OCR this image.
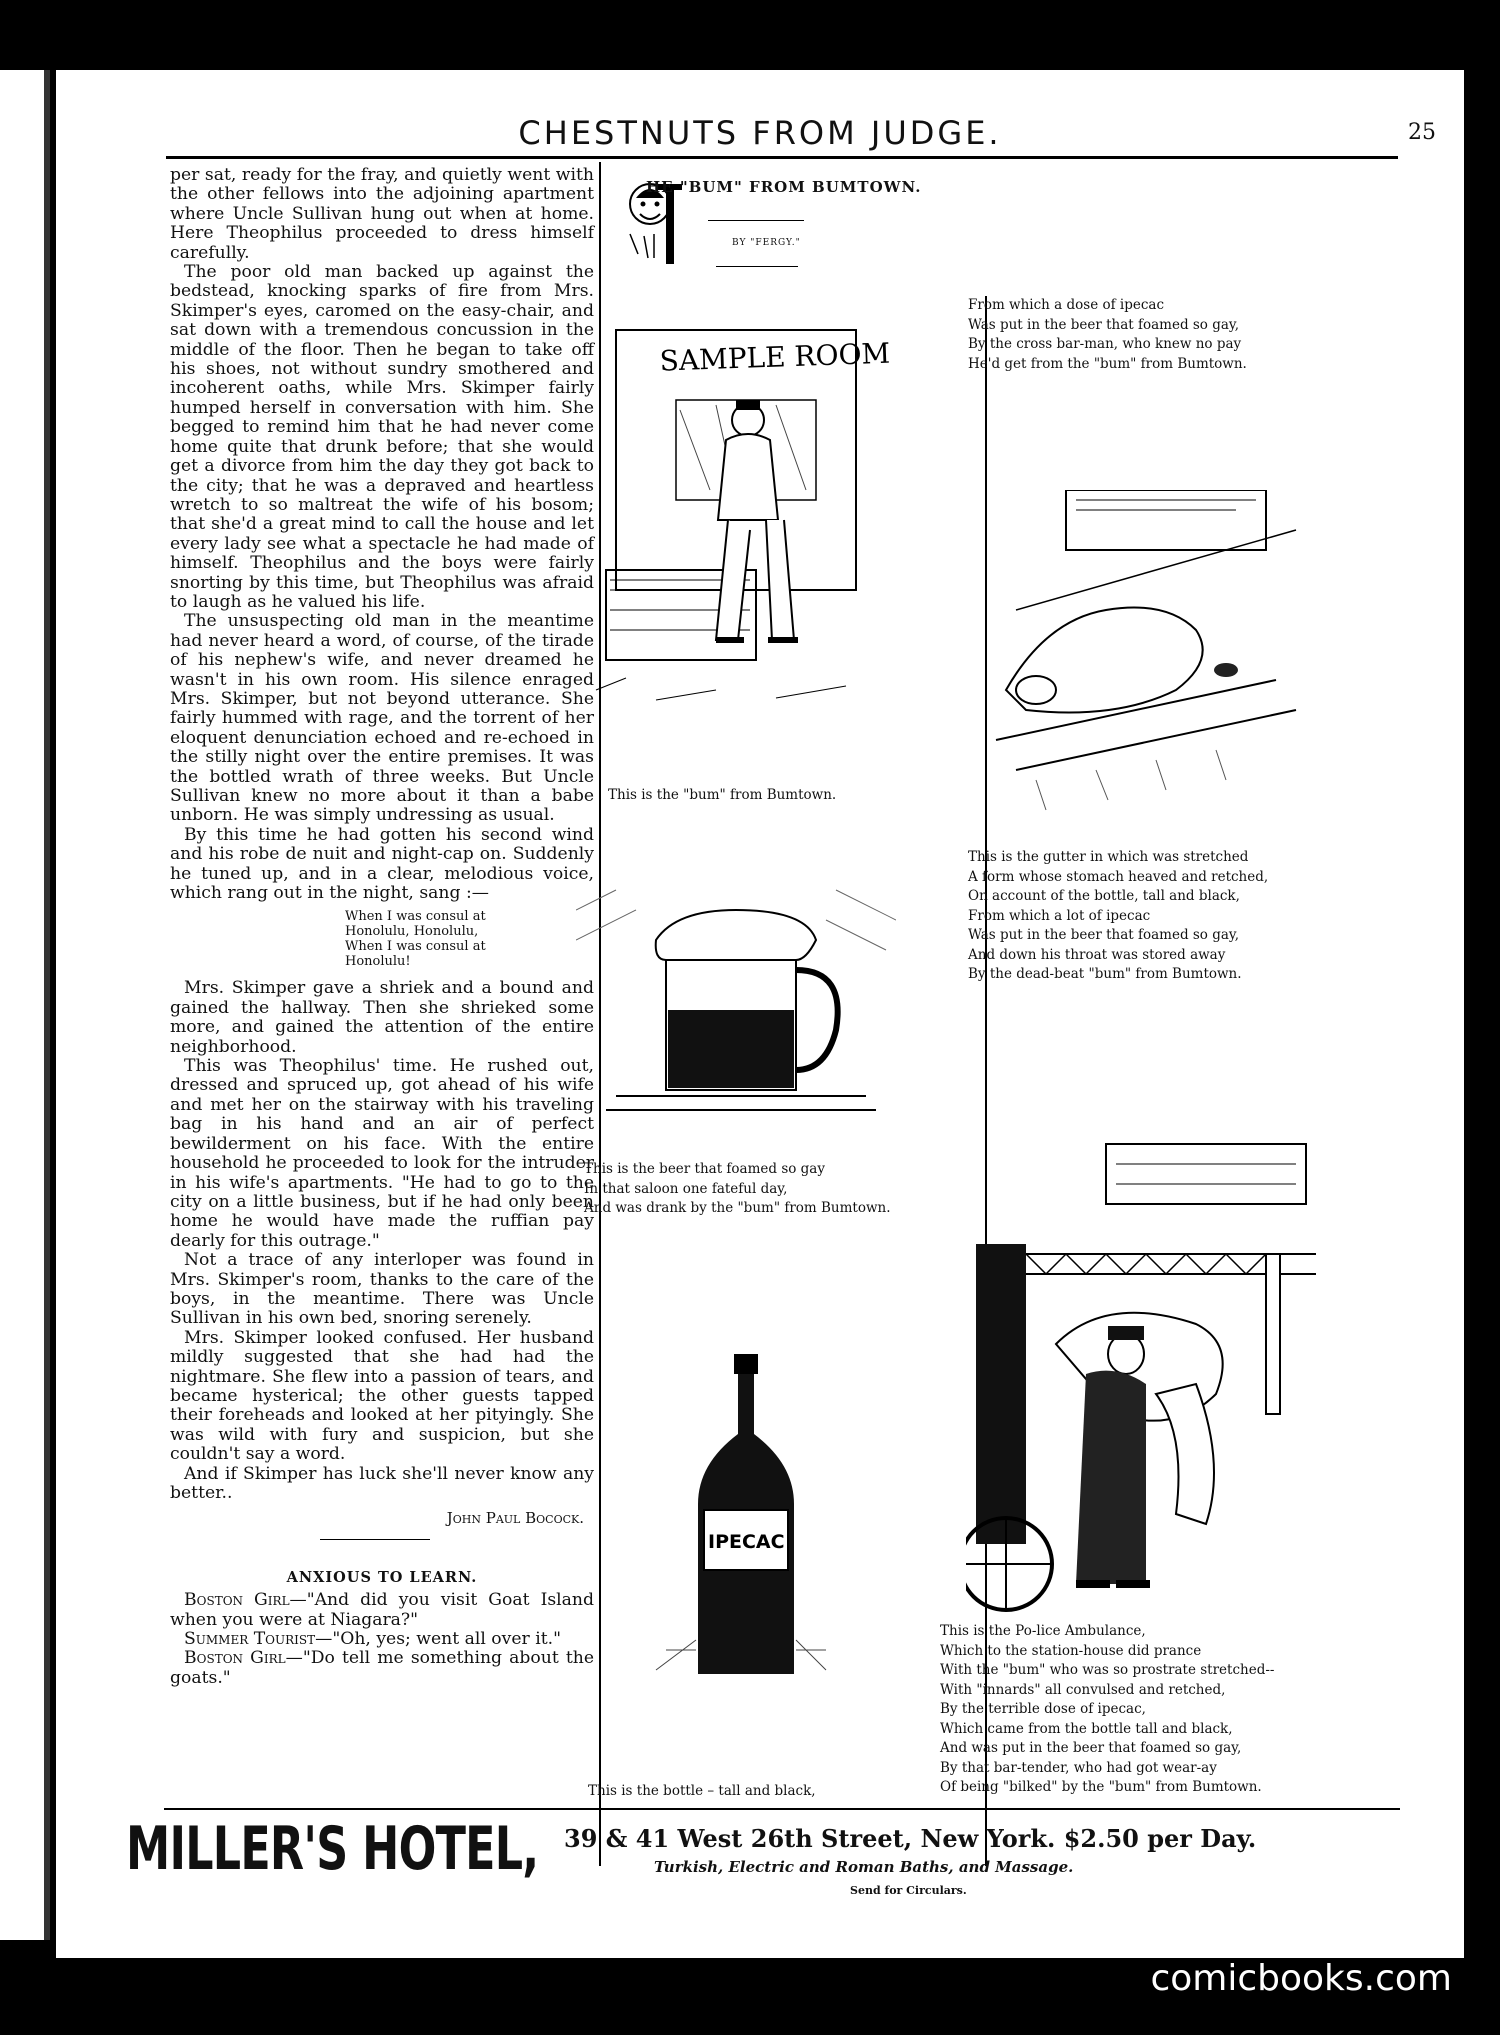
CHESTNUTS FROM JUDGE.	25

per sat, ready for the fray, and quietly went with the other fellows into the adjoining apartment where Uncle Sullivan hung out when at home. Here Theophilus proceeded to dress himself carefully.

The poor old man backed up against the bedstead, knocking sparks of fire from Mrs. Skimper's eyes, caromed on the easy-chair, and sat down with a tremendous concussion in the middle of the floor. Then he began to take off his shoes, not without sundry smothered and incoherent oaths, while Mrs. Skimper fairly humped herself in conversation with him. She begged to remind him that he had never come home quite that drunk before; that she would get a divorce from him the day they got back to the city; that he was a depraved and heartless wretch to so maltreat the wife of his bosom; that she'd a great mind to call the house and let every lady see what a spectacle he had made of himself. Theophilus and the boys were fairly snorting by this time, but Theophilus was afraid to laugh as he valued his life.

The unsuspecting old man in the meantime had never heard a word, of course, of the tirade of his nephew's wife, and never dreamed he wasn't in his own room. His silence enraged Mrs. Skimper, but not beyond utterance. She fairly hummed with rage, and the torrent of her eloquent denunciation echoed and re-echoed in the stilly night over the entire premises. It was the bottled wrath of three weeks. But Uncle Sullivan knew no more about it than a babe unborn. He was simply undressing as usual.

By this time he had gotten his second wind and his robe de nuit and night-cap on. Suddenly he tuned up, and in a clear, melodious voice, which rang out in the night, sang :—

When I was consul at
Honolulu, Honolulu,
When I was consul at
Honolulu!

Mrs. Skimper gave a shriek and a bound and gained the hallway. Then she shrieked some more, and gained the attention of the entire neighborhood.

This was Theophilus' time. He rushed out, dressed and spruced up, got ahead of his wife and met her on the stairway with his traveling bag in his hand and an air of perfect bewilderment on his face. With the entire household he proceeded to look for the intruder in his wife's apartments. "He had to go to the city on a little business, but if he had only been home he would have made the ruffian pay dearly for this outrage."

Not a trace of any interloper was found in Mrs. Skimper's room, thanks to the care of the boys, in the meantime. There was Uncle Sullivan in his own bed, snoring serenely.

Mrs. Skimper looked confused. Her husband mildly suggested that she had had the nightmare. She flew into a passion of tears, and became hysterical; the other guests tapped their foreheads and looked at her pityingly. She was wild with fury and suspicion, but she couldn't say a word.

And if Skimper has luck she'll never know any better..

John Paul Bocock.

ANXIOUS TO LEARN.

Boston Girl—"And did you visit Goat Island when you were at Niagara?"

Summer Tourist—"Oh, yes; went all over it."

Boston Girl—"Do tell me something about the goats."

HE "BUM" FROM BUMTOWN.
BY "FERGY."
SAMPLE ROOM
This is the "bum" from Bumtown.
This is the beer that foamed so gay
In that saloon one fateful day,
And was drank by the "bum" from Bumtown.
IPECAC
This is the bottle – tall and black,
From which a dose of ipecac
Was put in the beer that foamed so gay,
By the cross bar-man, who knew no pay
He'd get from the "bum" from Bumtown.
This is the gutter in which was stretched
A form whose stomach heaved and retched,
On account of the bottle, tall and black,
From which a lot of ipecac
Was put in the beer that foamed so gay,
And down his throat was stored away
By the dead-beat "bum" from Bumtown.
This is the Po-lice Ambulance,
Which to the station-house did prance
With the "bum" who was so prostrate stretched--
With "innards" all convulsed and retched,
By the terrible dose of ipecac,
Which came from the bottle tall and black,
And was put in the beer that foamed so gay,
By that bar-tender, who had got wear-ay
Of being "bilked" by the "bum" from Bumtown.
MILLER'S HOTEL, 39 & 41 West 26th Street, New York. $2.50 per Day.
Turkish, Electric and Roman Baths, and Massage.
Send for Circulars.
comicbooks.com
